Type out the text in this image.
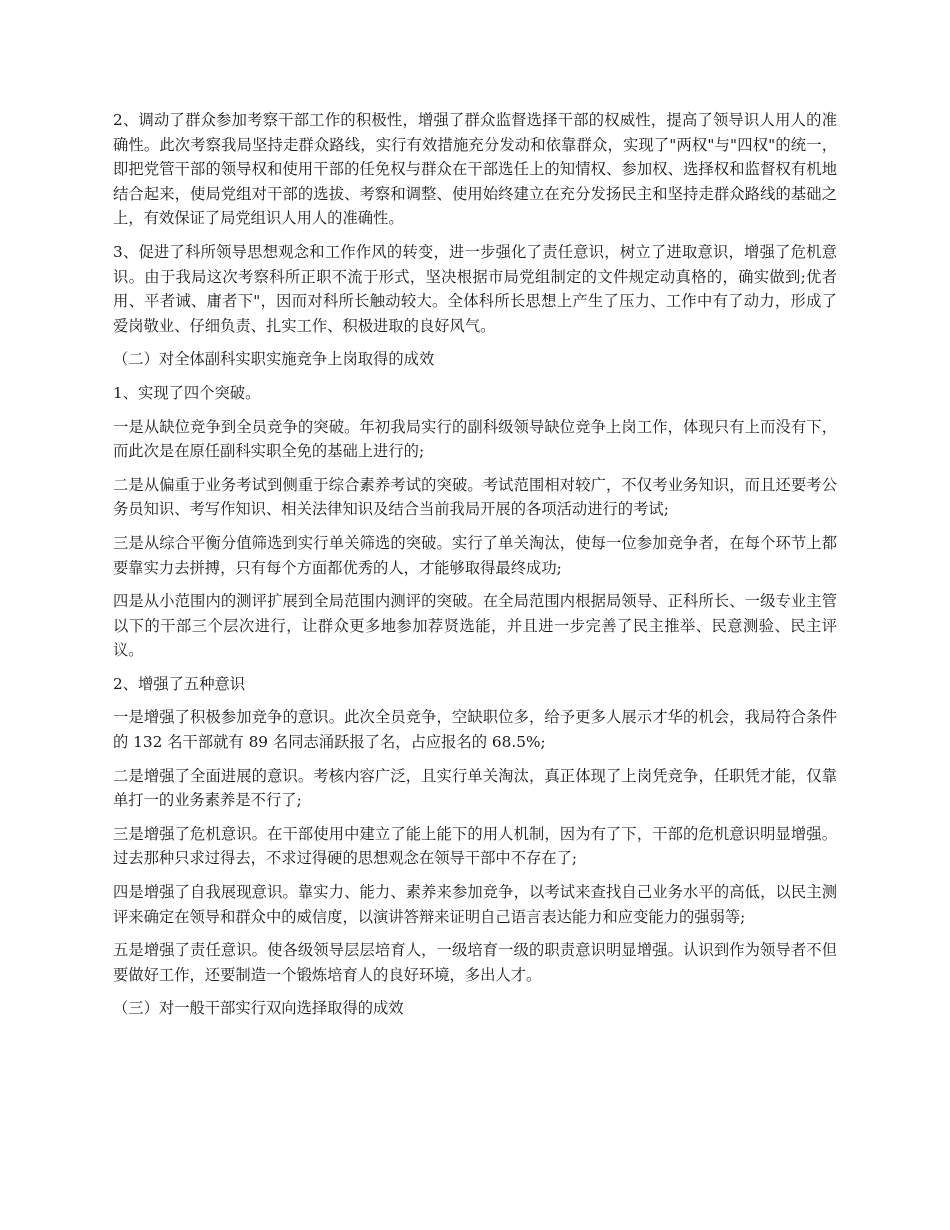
2、调动了群众参加考察干部工作的积极性，增强了群众监督选择干部的权威性，提高了领导识人用人的准确性。此次考察我局坚持走群众路线，实行有效措施充分发动和依靠群众，实现了"两权"与"四权"的统一，即把党管干部的领导权和使用干部的任免权与群众在干部选任上的知情权、参加权、选择权和监督权有机地结合起来，使局党组对干部的选拔、考察和调整、使用始终建立在充分发扬民主和坚持走群众路线的基础之上，有效保证了局党组识人用人的准确性。

3、促进了科所领导思想观念和工作作风的转变，进一步强化了责任意识，树立了进取意识，增强了危机意识。由于我局这次考察科所正职不流于形式，坚决根据市局党组制定的文件规定动真格的，确实做到;优者用、平者诫、庸者下"，因而对科所长触动较大。全体科所长思想上产生了压力、工作中有了动力，形成了爱岗敬业、仔细负责、扎实工作、积极进取的良好风气。

（二）对全体副科实职实施竞争上岗取得的成效

1、实现了四个突破。

一是从缺位竞争到全员竞争的突破。年初我局实行的副科级领导缺位竞争上岗工作，体现只有上而没有下，而此次是在原任副科实职全免的基础上进行的;

二是从偏重于业务考试到侧重于综合素养考试的突破。考试范围相对较广，不仅考业务知识，而且还要考公务员知识、考写作知识、相关法律知识及结合当前我局开展的各项活动进行的考试;

三是从综合平衡分值筛选到实行单关筛选的突破。实行了单关淘汰，使每一位参加竞争者，在每个环节上都要靠实力去拼搏，只有每个方面都优秀的人，才能够取得最终成功;

四是从小范围内的测评扩展到全局范围内测评的突破。在全局范围内根据局领导、正科所长、一级专业主管以下的干部三个层次进行，让群众更多地参加荐贤选能，并且进一步完善了民主推举、民意测验、民主评议。

2、增强了五种意识

一是增强了积极参加竞争的意识。此次全员竞争，空缺职位多，给予更多人展示才华的机会，我局符合条件的 132 名干部就有 89 名同志涌跃报了名，占应报名的 68.5%;

二是增强了全面进展的意识。考核内容广泛，且实行单关淘汰，真正体现了上岗凭竞争，任职凭才能，仅靠单打一的业务素养是不行了;

三是增强了危机意识。在干部使用中建立了能上能下的用人机制，因为有了下，干部的危机意识明显增强。过去那种只求过得去，不求过得硬的思想观念在领导干部中不存在了;

四是增强了自我展现意识。靠实力、能力、素养来参加竞争，以考试来查找自己业务水平的高低，以民主测评来确定在领导和群众中的威信度，以演讲答辩来证明自己语言表达能力和应变能力的强弱等;

五是增强了责任意识。使各级领导层层培育人，一级培育一级的职责意识明显增强。认识到作为领导者不但要做好工作，还要制造一个锻炼培育人的良好环境，多出人才。

（三）对一般干部实行双向选择取得的成效
